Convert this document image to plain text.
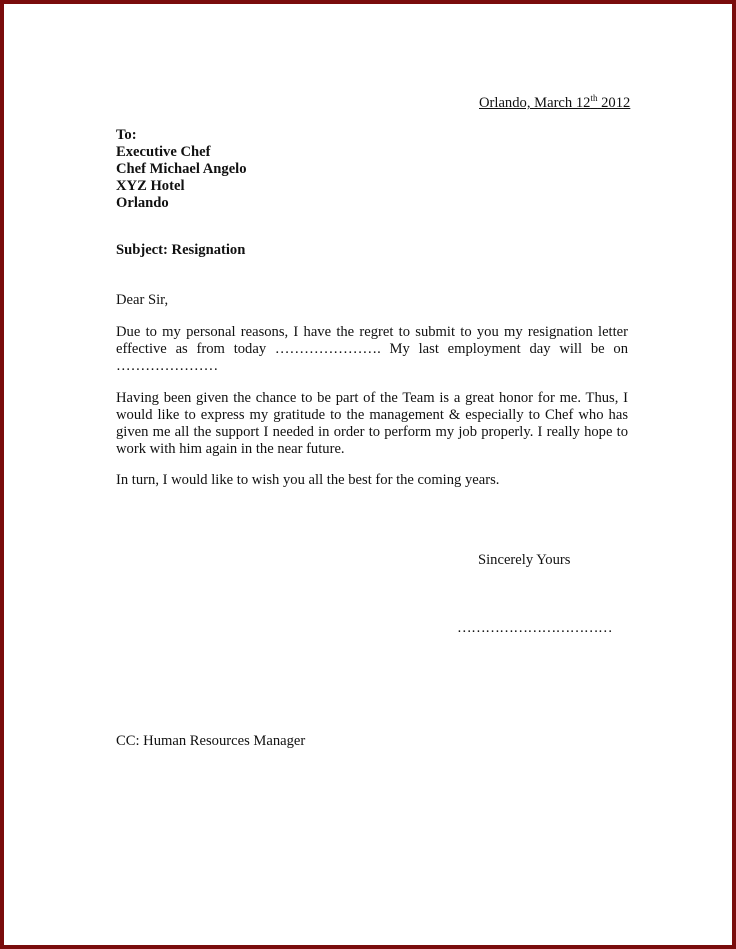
Orlando, March 12th 2012
To:
Executive Chef
Chef Michael Angelo
XYZ Hotel
Orlando
Subject: Resignation
Dear Sir,
Due to my personal reasons, I have the regret to submit to you my resignation letter effective as from today …………………. My last employment day will be on …………………
Having been given the chance to be part of the Team is a great honor for me. Thus, I would like to express my gratitude to the management & especially to Chef who has given me all the support I needed in order to perform my job properly. I really hope to work with him again in the near future.
In turn, I would like to wish you all the best for the coming years.
Sincerely Yours
……………………………
CC: Human Resources Manager
